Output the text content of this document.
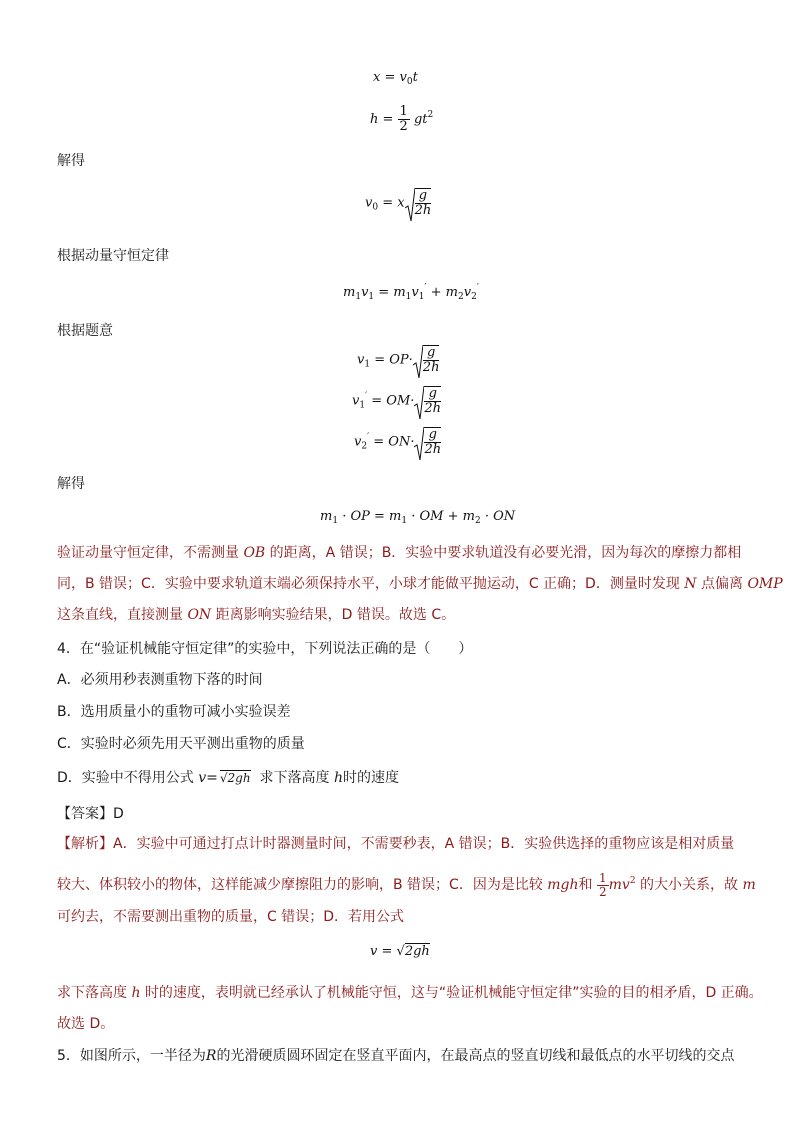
$x = v_0t$
$h = \frac{1}{2} gt^2$
解得
$v_0 = x \frac{g}{2h}$
根据动量守恒定律
$m_1v_1 = m_1v_1' + m_2v_2'$
根据题意
$v_1 = OP\cdot \frac{g}{2h}$
$v_1' = OM\cdot \frac{g}{2h}$
$v_2' = ON\cdot \frac{g}{2h}$
解得
$m_1$ · OP = $m_1$ · OM + $m_2$ · ON
验证动量守恒定律，不需测量 OB 的距离，A 错误；B．实验中要求轨道没有必要光滑，因为每次的摩擦力都相
同，B 错误；C．实验中要求轨道末端必须保持水平，小球才能做平抛运动，C 正确；D．测量时发现 N 点偏离 OMP
这条直线，直接测量 ON 距离影响实验结果，D 错误。故选 C。
4．在“验证机械能守恒定律”的实验中，下列说法正确的是（　　）
A．必须用秒表测重物下落的时间
B．选用质量小的重物可减小实验误差
C．实验时必须先用天平测出重物的质量
D．实验中不得用公式 v= √2gh 求下落高度 h时的速度
【答案】D
【解析】A．实验中可通过打点计时器测量时间，不需要秒表，A 错误；B．实验供选择的重物应该是相对质量
较大、体积较小的物体，这样能减少摩擦阻力的影响，B 错误；C．因为是比较 mgh和 $\frac{1}{2} mv^2$ 的大小关系，故 m
可约去，不需要测出重物的质量，C 错误；D．若用公式
v = √2gh
求下落高度 h 时的速度，表明就已经承认了机械能守恒，这与“验证机械能守恒定律”实验的目的相矛盾，D 正确。
故选 D。
5．如图所示，一半径为R的光滑硬质圆环固定在竖直平面内，在最高点的竖直切线和最低点的水平切线的交点
